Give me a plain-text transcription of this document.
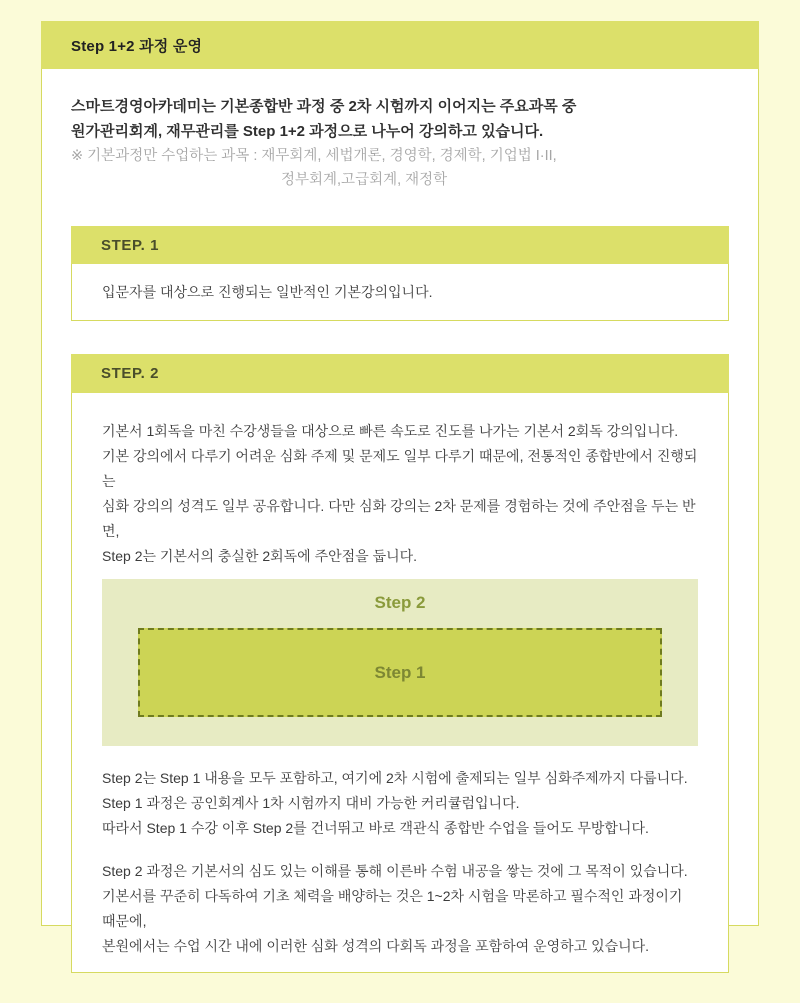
Step 1+2 과정 운영
스마트경영아카데미는 기본종합반 과정 중 2차 시험까지 이어지는 주요과목 중
원가관리회계, 재무관리를 Step 1+2 과정으로 나누어 강의하고 있습니다.
※ 기본과정만 수업하는 과목 : 재무회계, 세법개론, 경영학, 경제학, 기업법 I·II,
정부회계,고급회계, 재정학
STEP. 1
입문자를 대상으로 진행되는 일반적인 기본강의입니다.
STEP. 2
기본서 1회독을 마친 수강생들을 대상으로 빠른 속도로 진도를 나가는 기본서 2회독 강의입니다.
기본 강의에서 다루기 어려운 심화 주제 및 문제도 일부 다루기 때문에, 전통적인 종합반에서 진행되는
심화 강의의 성격도 일부 공유합니다. 다만 심화 강의는 2차 문제를 경험하는 것에 주안점을 두는 반면,
Step 2는 기본서의 충실한 2회독에 주안점을 둡니다.
Step 2
Step 1
Step 2는 Step 1 내용을 모두 포함하고, 여기에 2차 시험에 출제되는 일부 심화주제까지 다룹니다.
Step 1 과정은 공인회계사 1차 시험까지 대비 가능한 커리큘럼입니다.
따라서 Step 1 수강 이후 Step 2를 건너뛰고 바로 객관식 종합반 수업을 들어도 무방합니다.
Step 2 과정은 기본서의 심도 있는 이해를 통해 이른바 수험 내공을 쌓는 것에 그 목적이 있습니다.
기본서를 꾸준히 다독하여 기초 체력을 배양하는 것은 1~2차 시험을 막론하고 필수적인 과정이기 때문에,
본원에서는 수업 시간 내에 이러한 심화 성격의 다회독 과정을 포함하여 운영하고 있습니다.
